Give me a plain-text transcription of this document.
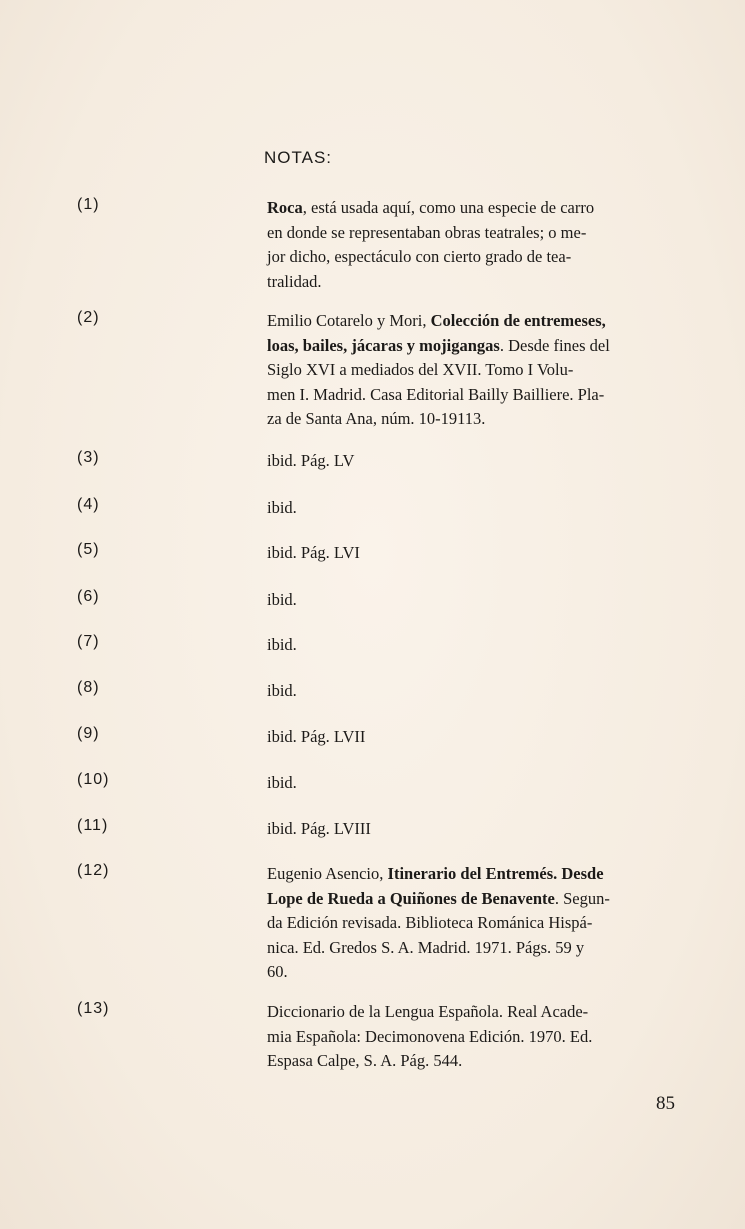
NOTAS:
(1)	Roca, está usada aquí, como una especie de carro
en donde se representaban obras teatrales; o me-
jor dicho, espectáculo con cierto grado de tea-
tralidad.
(2)	Emilio Cotarelo y Mori, Colección de entremeses,
loas, bailes, jácaras y mojigangas. Desde fines del
Siglo XVI a mediados del XVII. Tomo I Volu-
men I. Madrid. Casa Editorial Bailly Bailliere. Pla-
za de Santa Ana, núm. 10-19113.
(3)	ibid. Pág. LV
(4)	ibid.
(5)	ibid. Pág. LVI
(6)	ibid.
(7)	ibid.
(8)	ibid.
(9)	ibid. Pág. LVII
(10)	ibid.
(11)	ibid. Pág. LVIII
(12)	Eugenio Asencio, Itinerario del Entremés. Desde
Lope de Rueda a Quiñones de Benavente. Segun-
da Edición revisada. Biblioteca Románica Hispá-
nica. Ed. Gredos S. A. Madrid. 1971. Págs. 59 y
60.
(13)	Diccionario de la Lengua Española. Real Acade-
mia Española: Decimonovena Edición. 1970. Ed.
Espasa Calpe, S. A. Pág. 544.
85
